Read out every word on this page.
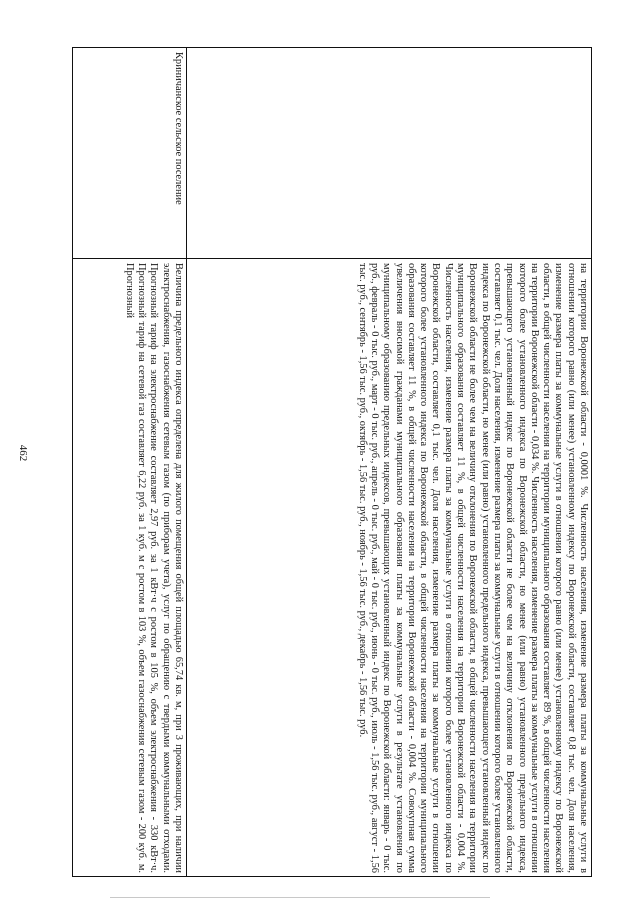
462	на территории Воронежской области - 0,0001 %. Численность населения, изменение размера платы за коммунальные услуги в отношении которого равно (или менее) установленному индексу по Воронежской области, составляет 0,8 тыс. чел. Доля населения, изменение размера платы за коммунальные услуги в отношении которого равно (или менее) установленному индексу по Воронежской области, в общей численности населения на территории муниципального образования составляет 89 %, в общей численности населения на территории Воронежской области - 0,034 %. Численность населения, изменение размера платы за коммунальные услуги в отношении которого более установленного индекса по Воронежской области, но менее (или равно) установленного предельного индекса, превышающего установленный индекс по Воронежской области не более чем на величину отклонения по Воронежской области, составляет 0,1 тыс. чел. Доля населения, изменение размера платы за коммунальные услуги в отношении которого более установленного индекса по Воронежской области, но менее (или равно) установленного предельного индекса, превышающего установленный индекс по Воронежской области не более чем на величину отклонения по Воронежской области, в общей численности населения на территории муниципального образования составляет 11 %, в общей численности населения на территории Воронежской области - 0,004 %. Численность населения, изменение размера платы за коммунальные услуги в отношении которого более установленного индекса по Воронежской области, составляет 0,1 тыс. чел. Доля населения, изменение размера платы за коммунальные услуги в отношении которого более установленного индекса по Воронежской области, в общей численности населения на территории муниципального образования составляет 11 %, в общей численности населения на территории Воронежской области - 0,004 %. Совокупная сумма увеличения вносимой гражданами муниципального образования платы за коммунальные услуги в результате установления по муниципальному образованию предельных индексов, превышающих установленный индекс по Воронежской области: январь - 0 тыс. руб., февраль - 0 тыс. руб., март - 0 тыс. руб., апрель - 0 тыс. руб., май - 0 тыс. руб., июнь - 0 тыс. руб., июль - 1,56 тыс. руб., август - 1,56 тыс. руб., сентябрь - 1,56 тыс. руб., октябрь - 1,56 тыс. руб., ноябрь - 1,56 тыс. руб., декабрь - 1,56 тыс. руб.
Криничанское сельское поселение
Величина предельного индекса определена для жилого помещения общей площадью 65,74 кв. м, при 3 проживающих, при наличии электроснабжения, газоснабжения сетевым газом (по приборам учета), услуг по обращению с твердыми коммунальными отходами. Прогнозный тариф на электроснабжение составляет 2,97 руб. за 1 кВт·ч с ростом в 105 %, объем электроснабжения - 330 кВт·ч. Прогнозный тариф на сетевой газ составляет 6,22 руб. за 1 куб. м с ростом в 103 %, объем газоснабжения сетевым газом - 200 куб. м. Прогнозный
